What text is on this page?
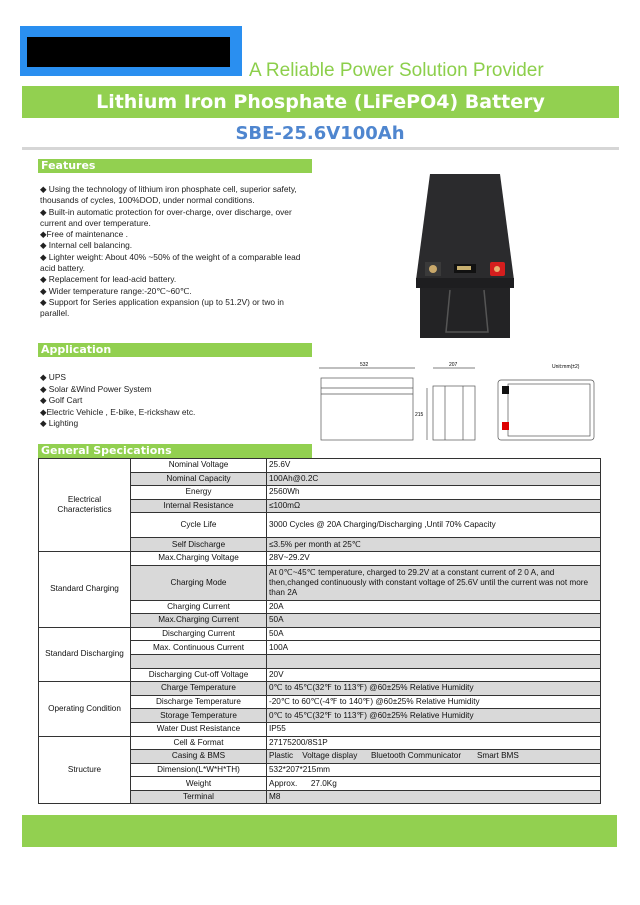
A Reliable Power Solution Provider
Lithium Iron Phosphate (LiFePO4) Battery
SBE-25.6V100Ah
Features

◆ Using the technology of lithium iron phosphate cell, superior safety, thousands of cycles, 100%DOD, under normal conditions.

◆ Built-in automatic protection for over-charge, over discharge, over current and over temperature.

◆Free of maintenance .

◆ Internal cell balancing.

◆ Lighter weight: About 40% ~50% of the weight of a comparable lead acid battery.

◆ Replacement for lead-acid battery.

◆ Wider temperature range:-20℃~60℃.

◆ Support for Series application expansion (up to 51.2V) or two in parallel.

Application

◆ UPS

◆ Solar &Wind Power System

◆ Golf Cart

◆Electric Vehicle , E-bike, E-rickshaw etc.

◆ Lighting

532	207
215
Unit:mm(±2)
General Specications
Electrical Characteristics	Nominal Voltage	25.6V
	Nominal Capacity	100Ah@0.2C
	Energy	2560Wh
	Internal Resistance	≤100mΩ
	Cycle Life	3000 Cycles @ 20A Charging/Discharging ,Until 70% Capacity
	Self Discharge	≤3.5% per month at 25℃
Standard Charging	Max.Charging Voltage	28V~29.2V
	Charging Mode	At 0℃~45℃ temperature, charged to 29.2V at a constant current of 2 0 A, and then,changed continuously with constant voltage of 25.6V until the current was not more than 2A
	Charging Current	20A
	Max.Charging Current	50A
Standard Discharging	Discharging Current	50A
	Max. Continuous Current	100A

	Discharging Cut-off Voltage	20V
Operating Condition	Charge Temperature	0℃ to 45℃(32℉ to 113℉) @60±25% Relative Humidity
	Discharge Temperature	-20℃ to 60℃(-4℉ to 140℉) @60±25% Relative Humidity
	Storage Temperature	0℃ to 45℃(32℉ to 113℉) @60±25% Relative Humidity
	Water Dust Resistance	IP55
Structure	Cell & Format	27175200/8S1P
	Casing & BMS	Plastic    Voltage display      Bluetooth Communicator       Smart BMS
	Dimension(L*W*H*TH)	532*207*215mm
	Weight	Approx.      27.0Kg
	Terminal	M8
